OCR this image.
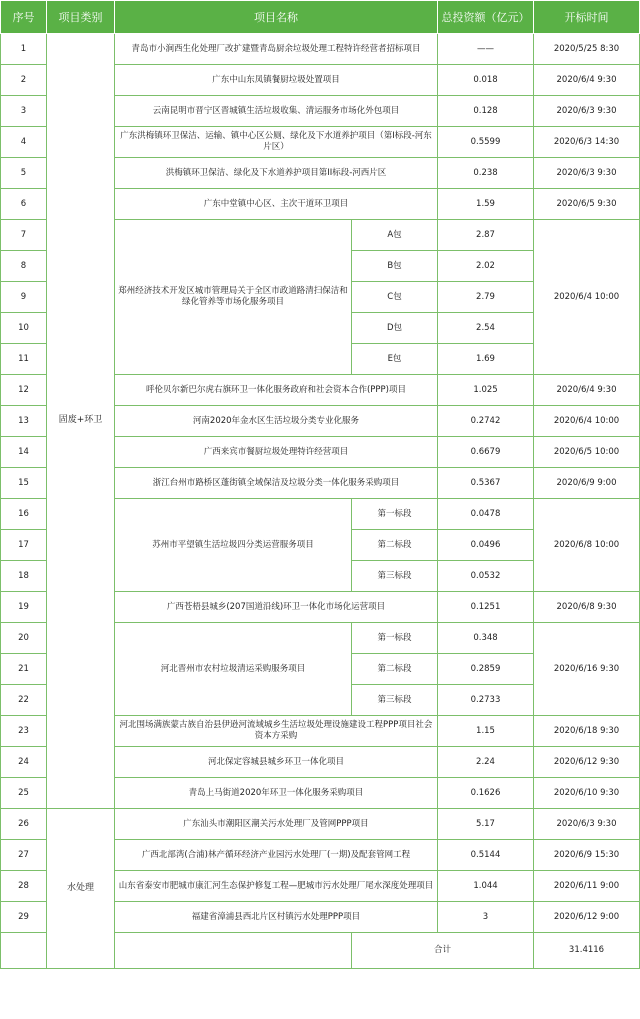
序号	项目类别	项目名称		总投资额（亿元）	开标时间	
1	固废+环卫	青岛市小涧西生化处理厂改扩建暨青岛厨余垃圾处理工程特许经营者招标项目		——	2020/5/25 8:30	
2		广东中山东凤镇餐厨垃圾处置项目		0.018	2020/6/4 9:30	
3		云南昆明市晋宁区晋城镇生活垃圾收集、清运服务市场化外包项目		0.128	2020/6/3 9:30	
4		广东洪梅镇环卫保洁、运输、镇中心区公厕、绿化及下水道养护项目（第I标段-河东片区）		0.5599	2020/6/3 14:30	
5		洪梅镇环卫保洁、绿化及下水道养护项目第II标段-河西片区		0.238	2020/6/3 9:30	
6		广东中堂镇中心区、主次干道环卫项目		1.59	2020/6/5 9:30	
7		郑州经济技术开发区城市管理局关于全区市政道路清扫保洁和绿化管养等市场化服务项目	A包	2.87	2020/6/4 10:00	
8			B包	2.02		
9			C包	2.79		
10			D包	2.54		
11			E包	1.69		
12		呼伦贝尔新巴尔虎右旗环卫一体化服务政府和社会资本合作(PPP)项目		1.025	2020/6/4 9:30	
13		河南2020年金水区生活垃圾分类专业化服务		0.2742	2020/6/4 10:00	
14		广西来宾市餐厨垃圾处理特许经营项目		0.6679	2020/6/5 10:00	
15		浙江台州市路桥区蓬街镇全域保洁及垃圾分类一体化服务采购项目		0.5367	2020/6/9 9:00	
16		苏州市平望镇生活垃圾四分类运营服务项目	第一标段	0.0478	2020/6/8 10:00	
17			第二标段	0.0496		
18			第三标段	0.0532		
19		广西苍梧县城乡(207国道沿线)环卫一体化市场化运营项目		0.1251	2020/6/8 9:30	
20		河北晋州市农村垃圾清运采购服务项目	第一标段	0.348	2020/6/16 9:30	
21			第二标段	0.2859		
22			第三标段	0.2733		
23		河北围场满族蒙古族自治县伊逊河流域城乡生活垃圾处理设施建设工程PPP项目社会资本方采购		1.15	2020/6/18 9:30	
24		河北保定容城县城乡环卫一体化项目		2.24	2020/6/12 9:30	
25		青岛上马街道2020年环卫一体化服务采购项目		0.1626	2020/6/10 9:30	
26	水处理	广东汕头市潮阳区潮关污水处理厂及管网PPP项目		5.17	2020/6/3 9:30	
27		广西北部湾(合浦)林产循环经济产业园污水处理厂(一期)及配套管网工程		0.5144	2020/6/9 15:30	
28		山东省泰安市肥城市康汇河生态保护修复工程—肥城市污水处理厂尾水深度处理项目		1.044	2020/6/11 9:00	
29		福建省漳浦县西北片区村镇污水处理PPP项目		3	2020/6/12 9:00	
			合计		31.4116	
